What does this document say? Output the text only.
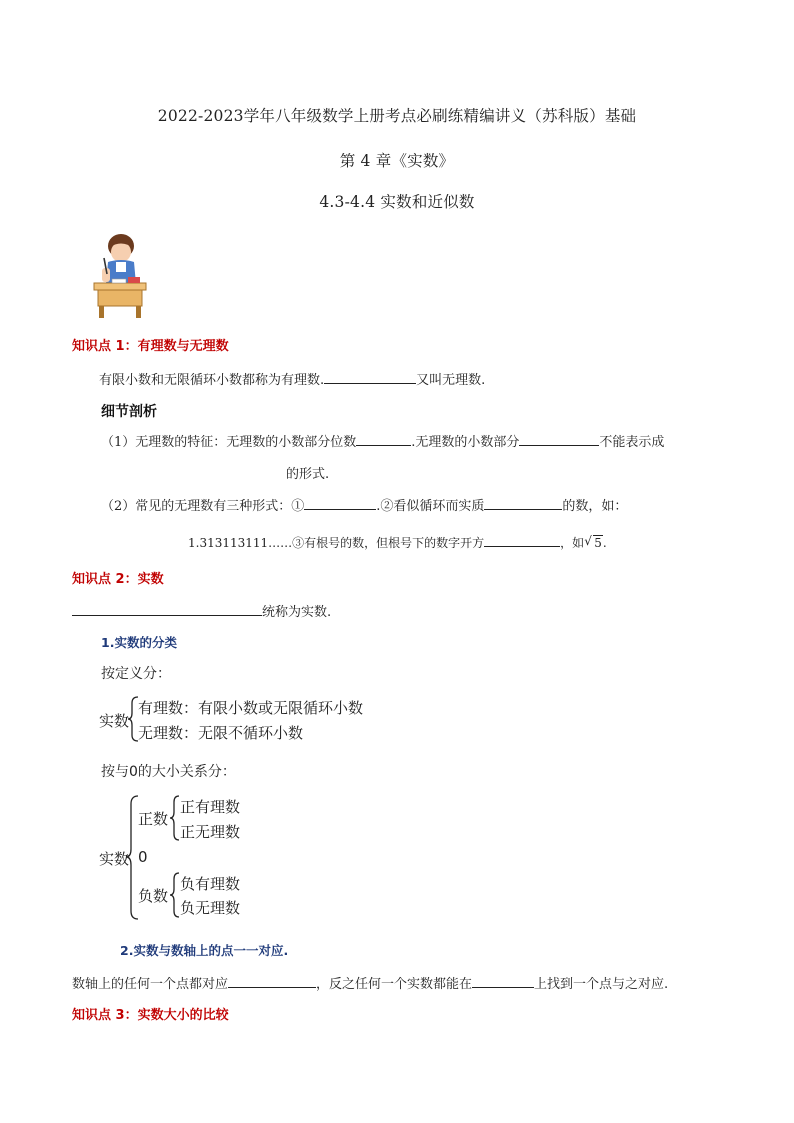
2022-2023学年八年级数学上册考点必刷练精编讲义（苏科版）基础
第 4 章《实数》
4.3-4.4 实数和近似数
知识点 1：有理数与无理数
有限小数和无限循环小数都称为有理数.	又叫无理数.
细节剖析
（1）无理数的特征：无理数的小数部分位数	.无理数的小数部分	不能表示成
的形式.
（2）常见的无理数有三种形式：①	.②看似循环而实质	的数，如：
1.313113111……③有根号的数，但根号下的数字开方	，如 √ 5.
知识点 2：实数
统称为实数.
1.实数的分类
按定义分：
实数
有理数：有限小数或无限循环小数
无理数：无限不循环小数
按与0的大小关系分：
实数
正数
正有理数
正无理数
0
负数
负有理数
负无理数
2.实数与数轴上的点一一对应.
数轴上的任何一个点都对应	，反之任何一个实数都能在	上找到一个点与之对应.
知识点 3：实数大小的比较
